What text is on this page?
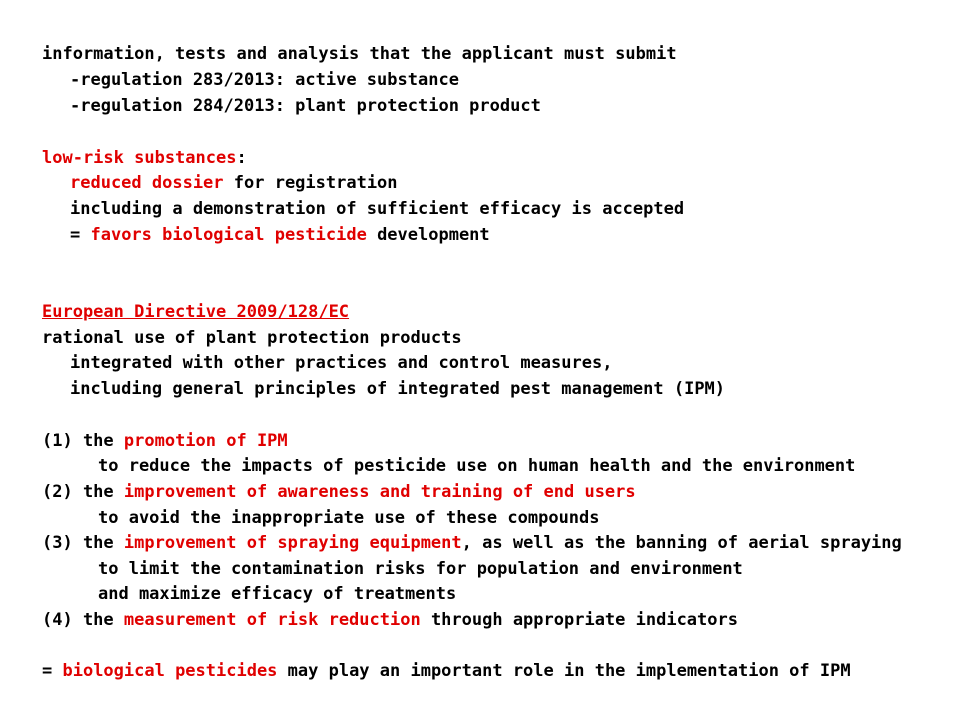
information, tests and analysis that the applicant must submit
-regulation 283/2013: active substance
-regulation 284/2013: plant protection product
low-risk substances:
reduced dossier for registration
including a demonstration of sufficient efficacy is accepted
= favors biological pesticide development
European Directive 2009/128/EC
rational use of plant protection products
integrated with other practices and control measures,
including general principles of integrated pest management (IPM)
(1) the promotion of IPM
to reduce the impacts of pesticide use on human health and the environment
(2) the improvement of awareness and training of end users
to avoid the inappropriate use of these compounds
(3) the improvement of spraying equipment, as well as the banning of aerial spraying
to limit the contamination risks for population and environment
and maximize efficacy of treatments
(4) the measurement of risk reduction through appropriate indicators
= biological pesticides may play an important role in the implementation of IPM
